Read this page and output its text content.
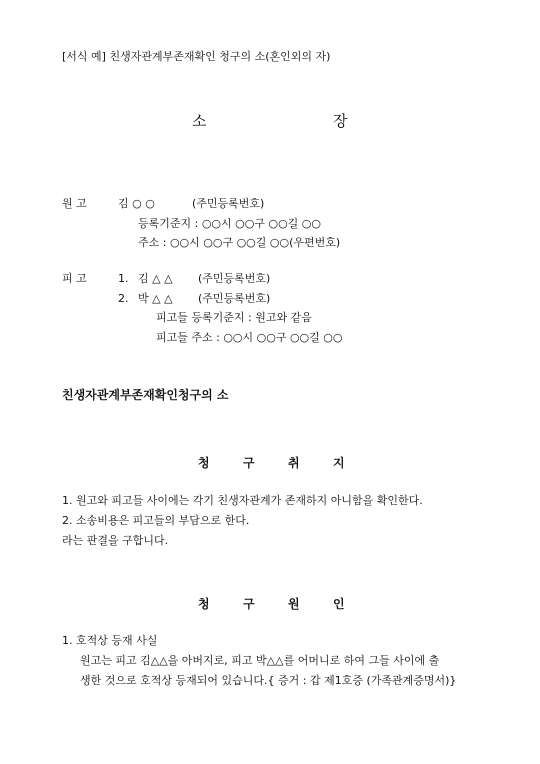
[서식 예] 친생자관계부존재확인 청구의 소(혼인외의 자)
소	장
원 고	김 ○ ○	(주민등록번호)
등록기준지 : ○○시 ○○구 ○○길 ○○
주소 : ○○시 ○○구 ○○길 ○○(우편번호)
피 고	1. 김 △ △ (주민등록번호)
2. 박 △ △ (주민등록번호)
피고들 등록기준지 : 원고와 같음
피고들 주소 : ○○시 ○○구 ○○길 ○○
친생자관계부존재확인청구의 소
청	구	취	지
1. 원고와 피고들 사이에는 각기 친생자관계가 존재하지 아니함을 확인한다.
2. 소송비용은 피고들의 부담으로 한다.
라는 판결을 구합니다.
청	구	원	인
1. 호적상 등재 사실
원고는 피고 김△△을 아버지로, 피고 박△△를 어머니로 하여 그들 사이에 출
생한 것으로 호적상 등재되어 있습니다.{ 증거 : 갑 제1호증 (가족관계증명서)}
